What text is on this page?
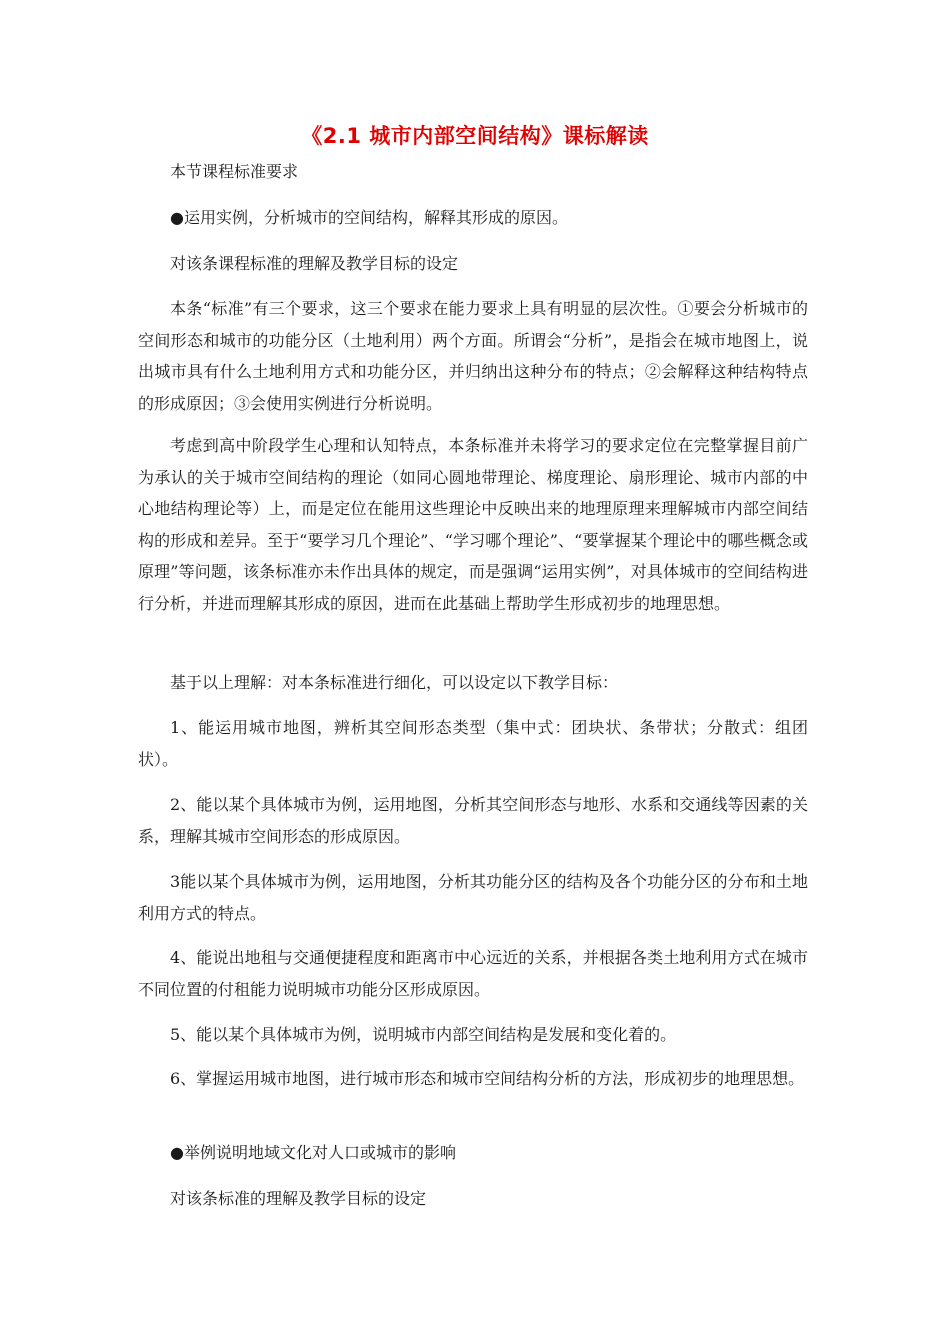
《2.1 城市内部空间结构》课标解读

本节课程标准要求

●运用实例，分析城市的空间结构，解释其形成的原因。

对该条课程标准的理解及教学目标的设定

本条“标准”有三个要求，这三个要求在能力要求上具有明显的层次性。①要会分析城市的空间形态和城市的功能分区（土地利用）两个方面。所谓会“分析”，是指会在城市地图上，说出城市具有什么土地利用方式和功能分区，并归纳出这种分布的特点；②会解释这种结构特点的形成原因；③会使用实例进行分析说明。

考虑到高中阶段学生心理和认知特点，本条标准并未将学习的要求定位在完整掌握目前广为承认的关于城市空间结构的理论（如同心圆地带理论、梯度理论、扇形理论、城市内部的中心地结构理论等）上，而是定位在能用这些理论中反映出来的地理原理来理解城市内部空间结构的形成和差异。至于“要学习几个理论”、“学习哪个理论”、“要掌握某个理论中的哪些概念或原理”等问题，该条标准亦未作出具体的规定，而是强调“运用实例”，对具体城市的空间结构进行分析，并进而理解其形成的原因，进而在此基础上帮助学生形成初步的地理思想。

基于以上理解：对本条标准进行细化，可以设定以下教学目标：

1、能运用城市地图，辨析其空间形态类型（集中式：团块状、条带状；分散式：组团状）。

2、能以某个具体城市为例，运用地图，分析其空间形态与地形、水系和交通线等因素的关系，理解其城市空间形态的形成原因。

3能以某个具体城市为例，运用地图，分析其功能分区的结构及各个功能分区的分布和土地利用方式的特点。

4、能说出地租与交通便捷程度和距离市中心远近的关系，并根据各类土地利用方式在城市不同位置的付租能力说明城市功能分区形成原因。

5、能以某个具体城市为例，说明城市内部空间结构是发展和变化着的。

6、掌握运用城市地图，进行城市形态和城市空间结构分析的方法，形成初步的地理思想。

●举例说明地域文化对人口或城市的影响

对该条标准的理解及教学目标的设定
